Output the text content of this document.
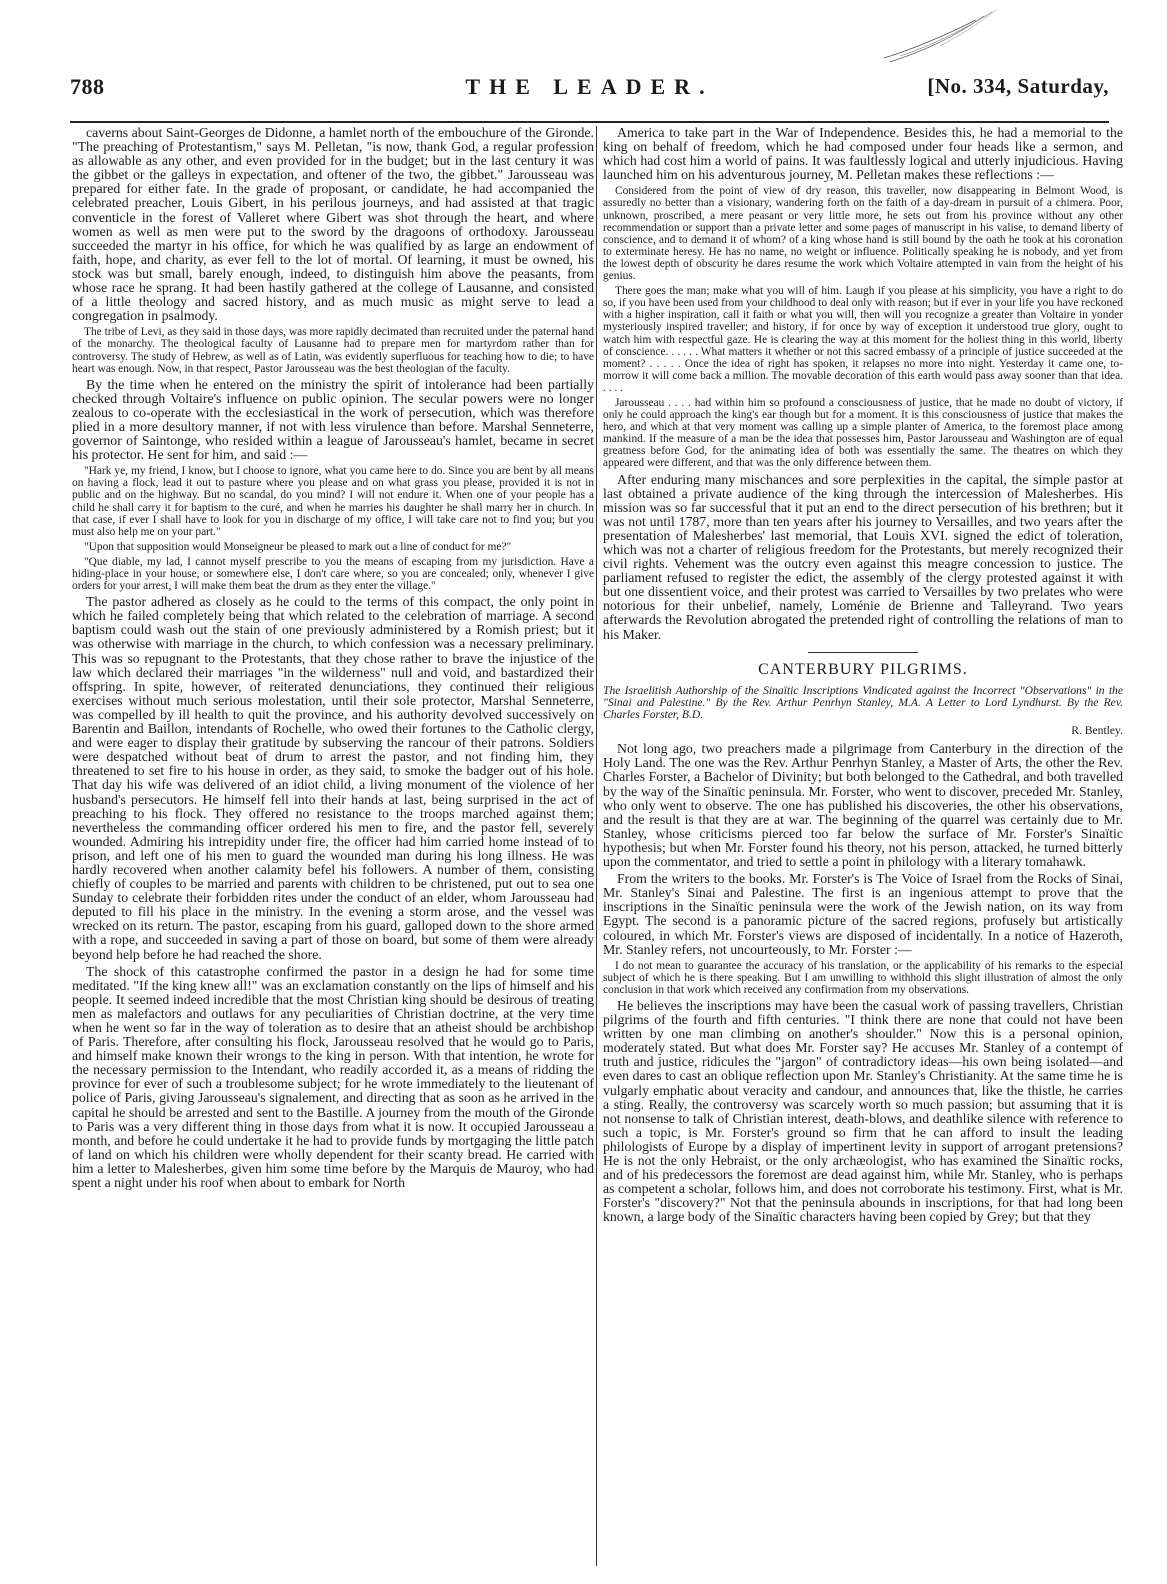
788	THE LEADER.	[No. 334, Saturday,

caverns about Saint-Georges de Didonne, a hamlet north of the embouchure of the Gironde. "The preaching of Protestantism," says M. Pelletan, "is now, thank God, a regular profession as allowable as any other, and even provided for in the budget; but in the last century it was the gibbet or the galleys in expectation, and oftener of the two, the gibbet." Jarousseau was prepared for either fate. In the grade of proposant, or candidate, he had accompanied the celebrated preacher, Louis Gibert, in his perilous journeys, and had assisted at that tragic conventicle in the forest of Valleret where Gibert was shot through the heart, and where women as well as men were put to the sword by the dragoons of orthodoxy. Jarousseau succeeded the martyr in his office, for which he was qualified by as large an endowment of faith, hope, and charity, as ever fell to the lot of mortal. Of learning, it must be owned, his stock was but small, barely enough, indeed, to distinguish him above the peasants, from whose race he sprang. It had been hastily gathered at the college of Lausanne, and consisted of a little theology and sacred history, and as much music as might serve to lead a congregation in psalmody.

The tribe of Levi, as they said in those days, was more rapidly decimated than recruited under the paternal hand of the monarchy. The theological faculty of Lausanne had to prepare men for martyrdom rather than for controversy. The study of Hebrew, as well as of Latin, was evidently superfluous for teaching how to die; to have heart was enough. Now, in that respect, Pastor Jarousseau was the best theologian of the faculty.

By the time when he entered on the ministry the spirit of intolerance had been partially checked through Voltaire's influence on public opinion. The secular powers were no longer zealous to co-operate with the ecclesiastical in the work of persecution, which was therefore plied in a more desultory manner, if not with less virulence than before. Marshal Senneterre, governor of Saintonge, who resided within a league of Jarousseau's hamlet, became in secret his protector. He sent for him, and said :—

"Hark ye, my friend, I know, but I choose to ignore, what you came here to do. Since you are bent by all means on having a flock, lead it out to pasture where you please and on what grass you please, provided it is not in public and on the highway. But no scandal, do you mind? I will not endure it. When one of your people has a child he shall carry it for baptism to the curé, and when he marries his daughter he shall marry her in church. In that case, if ever I shall have to look for you in discharge of my office, I will take care not to find you; but you must also help me on your part."

"Upon that supposition would Monseigneur be pleased to mark out a line of conduct for me?"

"Que diable, my lad, I cannot myself prescribe to you the means of escaping from my jurisdiction. Have a hiding-place in your house, or somewhere else, I don't care where, so you are concealed; only, whenever I give orders for your arrest, I will make them beat the drum as they enter the village."

The pastor adhered as closely as he could to the terms of this compact, the only point in which he failed completely being that which related to the celebration of marriage. A second baptism could wash out the stain of one previously administered by a Romish priest; but it was otherwise with marriage in the church, to which confession was a necessary preliminary. This was so repugnant to the Protestants, that they chose rather to brave the injustice of the law which declared their marriages "in the wilderness" null and void, and bastardized their offspring. In spite, however, of reiterated denunciations, they continued their religious exercises without much serious molestation, until their sole protector, Marshal Senneterre, was compelled by ill health to quit the province, and his authority devolved successively on Barentin and Baillon, intendants of Rochelle, who owed their fortunes to the Catholic clergy, and were eager to display their gratitude by subserving the rancour of their patrons. Soldiers were despatched without beat of drum to arrest the pastor, and not finding him, they threatened to set fire to his house in order, as they said, to smoke the badger out of his hole. That day his wife was delivered of an idiot child, a living monument of the violence of her husband's persecutors. He himself fell into their hands at last, being surprised in the act of preaching to his flock. They offered no resistance to the troops marched against them; nevertheless the commanding officer ordered his men to fire, and the pastor fell, severely wounded. Admiring his intrepidity under fire, the officer had him carried home instead of to prison, and left one of his men to guard the wounded man during his long illness. He was hardly recovered when another calamity befel his followers. A number of them, consisting chiefly of couples to be married and parents with children to be christened, put out to sea one Sunday to celebrate their forbidden rites under the conduct of an elder, whom Jarousseau had deputed to fill his place in the ministry. In the evening a storm arose, and the vessel was wrecked on its return. The pastor, escaping from his guard, galloped down to the shore armed with a rope, and succeeded in saving a part of those on board, but some of them were already beyond help before he had reached the shore.

The shock of this catastrophe confirmed the pastor in a design he had for some time meditated. "If the king knew all!" was an exclamation constantly on the lips of himself and his people. It seemed indeed incredible that the most Christian king should be desirous of treating men as malefactors and outlaws for any peculiarities of Christian doctrine, at the very time when he went so far in the way of toleration as to desire that an atheist should be archbishop of Paris. Therefore, after consulting his flock, Jarousseau resolved that he would go to Paris, and himself make known their wrongs to the king in person. With that intention, he wrote for the necessary permission to the Intendant, who readily accorded it, as a means of ridding the province for ever of such a troublesome subject; for he wrote immediately to the lieutenant of police of Paris, giving Jarousseau's signalement, and directing that as soon as he arrived in the capital he should be arrested and sent to the Bastille. A journey from the mouth of the Gironde to Paris was a very different thing in those days from what it is now. It occupied Jarousseau a month, and before he could undertake it he had to provide funds by mortgaging the little patch of land on which his children were wholly dependent for their scanty bread. He carried with him a letter to Malesherbes, given him some time before by the Marquis de Mauroy, who had spent a night under his roof when about to embark for North

America to take part in the War of Independence. Besides this, he had a memorial to the king on behalf of freedom, which he had composed under four heads like a sermon, and which had cost him a world of pains. It was faultlessly logical and utterly injudicious. Having launched him on his adventurous journey, M. Pelletan makes these reflections :—

Considered from the point of view of dry reason, this traveller, now disappearing in Belmont Wood, is assuredly no better than a visionary, wandering forth on the faith of a day-dream in pursuit of a chimera. Poor, unknown, proscribed, a mere peasant or very little more, he sets out from his province without any other recommendation or support than a private letter and some pages of manuscript in his valise, to demand liberty of conscience, and to demand it of whom? of a king whose hand is still bound by the oath he took at his coronation to exterminate heresy. He has no name, no weight or influence. Politically speaking he is nobody, and yet from the lowest depth of obscurity he dares resume the work which Voltaire attempted in vain from the height of his genius.

There goes the man; make what you will of him. Laugh if you please at his simplicity, you have a right to do so, if you have been used from your childhood to deal only with reason; but if ever in your life you have reckoned with a higher inspiration, call it faith or what you will, then will you recognize a greater than Voltaire in yonder mysteriously inspired traveller; and history, if for once by way of exception it understood true glory, ought to watch him with respectful gaze. He is clearing the way at this moment for the holiest thing in this world, liberty of conscience. . . . . . What matters it whether or not this sacred embassy of a principle of justice succeeded at the moment? . . . . . Once the idea of right has spoken, it relapses no more into night. Yesterday it came one, to-morrow it will come back a million. The movable decoration of this earth would pass away sooner than that idea. . . . .

Jarousseau . . . . had within him so profound a consciousness of justice, that he made no doubt of victory, if only he could approach the king's ear though but for a moment. It is this consciousness of justice that makes the hero, and which at that very moment was calling up a simple planter of America, to the foremost place among mankind. If the measure of a man be the idea that possesses him, Pastor Jarousseau and Washington are of equal greatness before God, for the animating idea of both was essentially the same. The theatres on which they appeared were different, and that was the only difference between them.

After enduring many mischances and sore perplexities in the capital, the simple pastor at last obtained a private audience of the king through the intercession of Malesherbes. His mission was so far successful that it put an end to the direct persecution of his brethren; but it was not until 1787, more than ten years after his journey to Versailles, and two years after the presentation of Malesherbes' last memorial, that Louis XVI. signed the edict of toleration, which was not a charter of religious freedom for the Protestants, but merely recognized their civil rights. Vehement was the outcry even against this meagre concession to justice. The parliament refused to register the edict, the assembly of the clergy protested against it with but one dissentient voice, and their protest was carried to Versailles by two prelates who were notorious for their unbelief, namely, Loménie de Brienne and Talleyrand. Two years afterwards the Revolution abrogated the pretended right of controlling the relations of man to his Maker.

CANTERBURY PILGRIMS.

The Israelitish Authorship of the Sinaïtic Inscriptions Vindicated against the Incorrect "Observations" in the "Sinai and Palestine." By the Rev. Arthur Penrhyn Stanley, M.A. A Letter to Lord Lyndhurst. By the Rev. Charles Forster, B.D.

R. Bentley.

Not long ago, two preachers made a pilgrimage from Canterbury in the direction of the Holy Land. The one was the Rev. Arthur Penrhyn Stanley, a Master of Arts, the other the Rev. Charles Forster, a Bachelor of Divinity; but both belonged to the Cathedral, and both travelled by the way of the Sinaïtic peninsula. Mr. Forster, who went to discover, preceded Mr. Stanley, who only went to observe. The one has published his discoveries, the other his observations, and the result is that they are at war. The beginning of the quarrel was certainly due to Mr. Stanley, whose criticisms pierced too far below the surface of Mr. Forster's Sinaïtic hypothesis; but when Mr. Forster found his theory, not his person, attacked, he turned bitterly upon the commentator, and tried to settle a point in philology with a literary tomahawk.

From the writers to the books. Mr. Forster's is The Voice of Israel from the Rocks of Sinai, Mr. Stanley's Sinai and Palestine. The first is an ingenious attempt to prove that the inscriptions in the Sinaïtic peninsula were the work of the Jewish nation, on its way from Egypt. The second is a panoramic picture of the sacred regions, profusely but artistically coloured, in which Mr. Forster's views are disposed of incidentally. In a notice of Hazeroth, Mr. Stanley refers, not uncourteously, to Mr. Forster :—

I do not mean to guarantee the accuracy of his translation, or the applicability of his remarks to the especial subject of which he is there speaking. But I am unwilling to withhold this slight illustration of almost the only conclusion in that work which received any confirmation from my observations.

He believes the inscriptions may have been the casual work of passing travellers, Christian pilgrims of the fourth and fifth centuries. "I think there are none that could not have been written by one man climbing on another's shoulder." Now this is a personal opinion, moderately stated. But what does Mr. Forster say? He accuses Mr. Stanley of a contempt of truth and justice, ridicules the "jargon" of contradictory ideas—his own being isolated—and even dares to cast an oblique reflection upon Mr. Stanley's Christianity. At the same time he is vulgarly emphatic about veracity and candour, and announces that, like the thistle, he carries a sting. Really, the controversy was scarcely worth so much passion; but assuming that it is not nonsense to talk of Christian interest, death-blows, and deathlike silence with reference to such a topic, is Mr. Forster's ground so firm that he can afford to insult the leading philologists of Europe by a display of impertinent levity in support of arrogant pretensions? He is not the only Hebraist, or the only archæologist, who has examined the Sinaïtic rocks, and of his predecessors the foremost are dead against him, while Mr. Stanley, who is perhaps as competent a scholar, follows him, and does not corroborate his testimony. First, what is Mr. Forster's "discovery?" Not that the peninsula abounds in inscriptions, for that had long been known, a large body of the Sinaïtic characters having been copied by Grey; but that they
